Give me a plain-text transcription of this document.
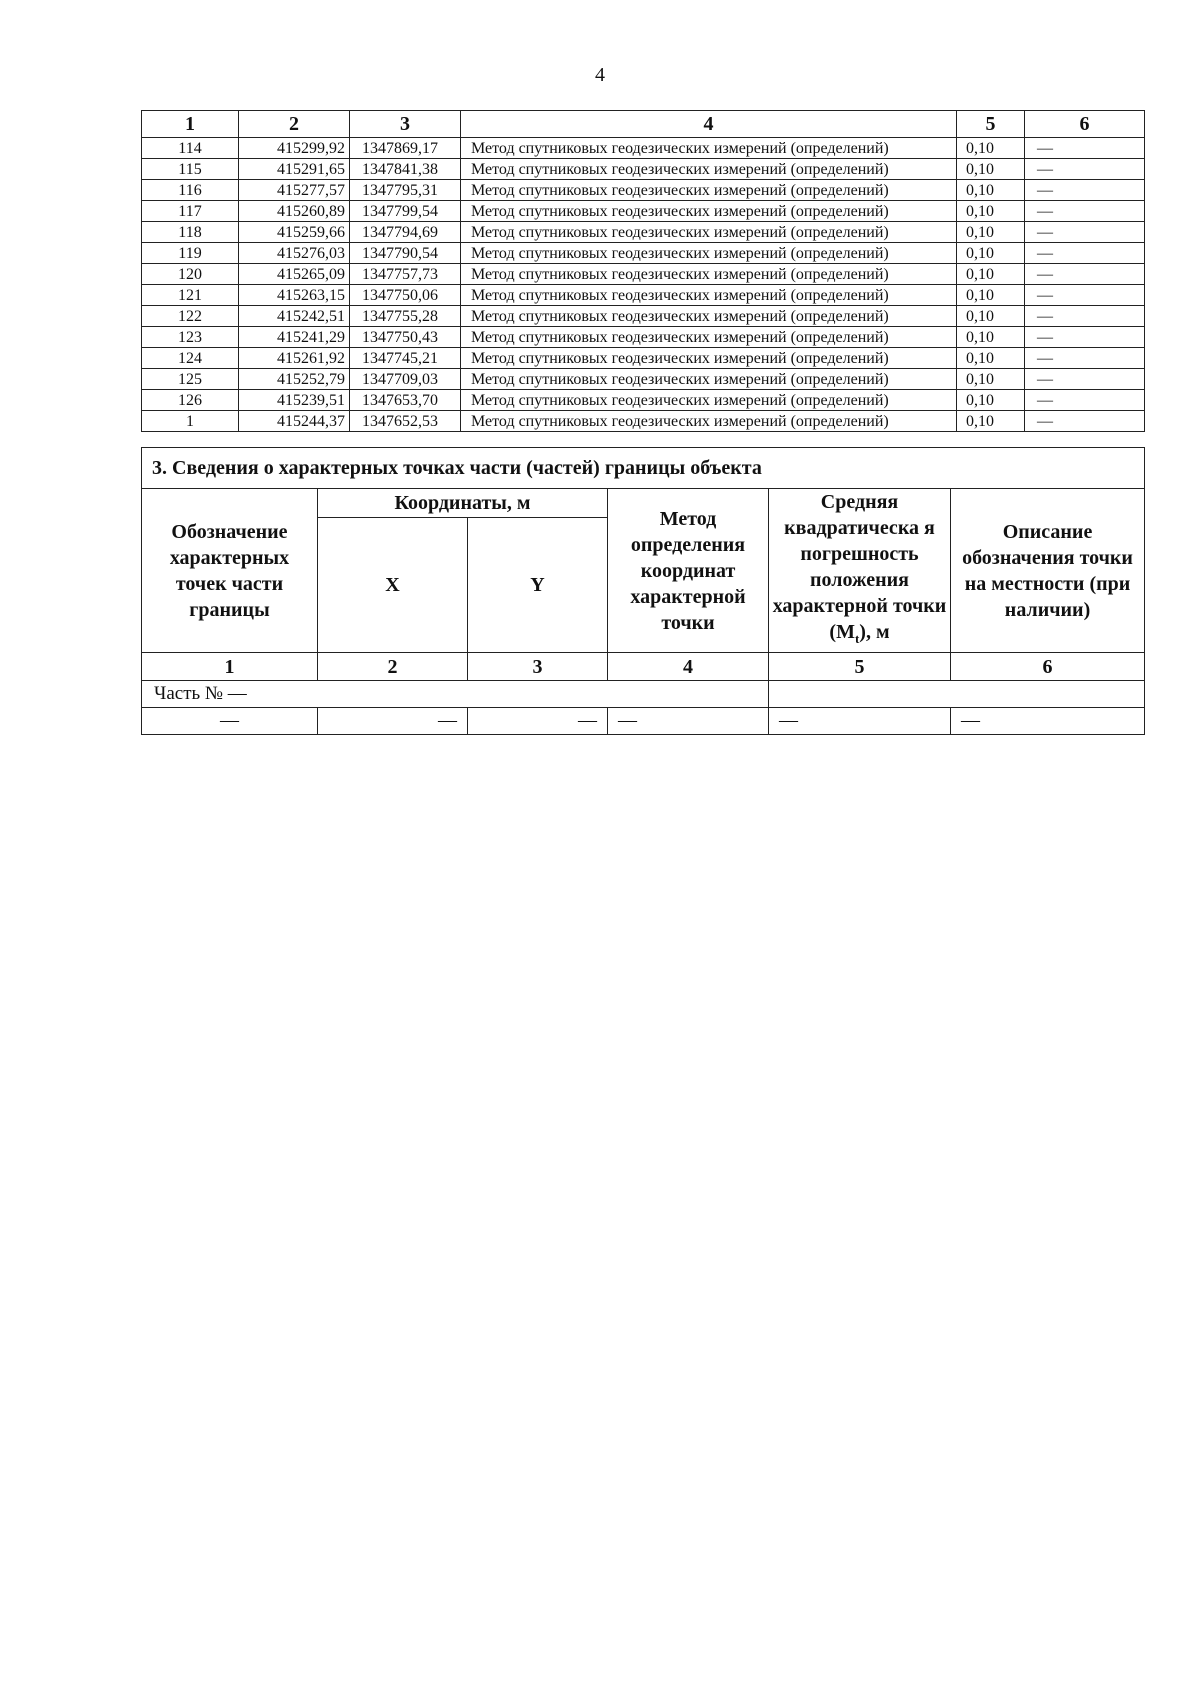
4
1	2	3	4	5	6
114	415299,92	1347869,17	Метод спутниковых геодезических измерений (определений)	0,10	—
115	415291,65	1347841,38	Метод спутниковых геодезических измерений (определений)	0,10	—
116	415277,57	1347795,31	Метод спутниковых геодезических измерений (определений)	0,10	—
117	415260,89	1347799,54	Метод спутниковых геодезических измерений (определений)	0,10	—
118	415259,66	1347794,69	Метод спутниковых геодезических измерений (определений)	0,10	—
119	415276,03	1347790,54	Метод спутниковых геодезических измерений (определений)	0,10	—
120	415265,09	1347757,73	Метод спутниковых геодезических измерений (определений)	0,10	—
121	415263,15	1347750,06	Метод спутниковых геодезических измерений (определений)	0,10	—
122	415242,51	1347755,28	Метод спутниковых геодезических измерений (определений)	0,10	—
123	415241,29	1347750,43	Метод спутниковых геодезических измерений (определений)	0,10	—
124	415261,92	1347745,21	Метод спутниковых геодезических измерений (определений)	0,10	—
125	415252,79	1347709,03	Метод спутниковых геодезических измерений (определений)	0,10	—
126	415239,51	1347653,70	Метод спутниковых геодезических измерений (определений)	0,10	—
1	415244,37	1347652,53	Метод спутниковых геодезических измерений (определений)	0,10	—
3. Сведения о характерных точках части (частей) границы объекта					
Обозначение характерных точек части границы	Координаты, м		Метод определения координат характерной точки	Средняя квадратическа я погрешность положения характерной точки $(M_t)$, м	Описание обозначения точки на местности (при наличии)
	X	Y			
1	2	3	4	5	6
Часть № —					
—	—	—	—	—	—
